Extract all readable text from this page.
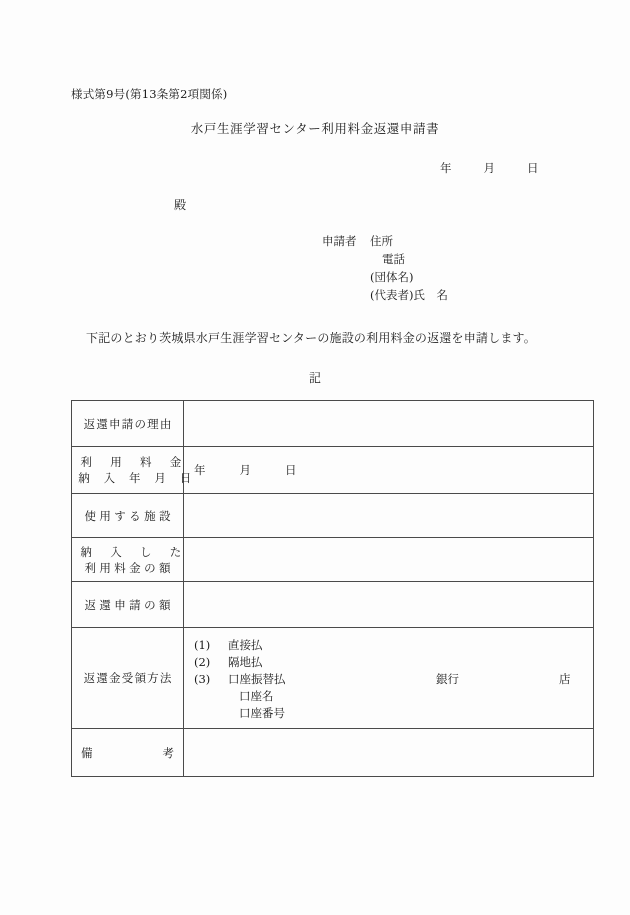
様式第9号(第13条第2項関係)
水戸生涯学習センター利用料金返還申請書
年	月	日
殿
申請者 住所
電話
(団体名)
(代表者)氏　名
下記のとおり茨城県水戸生涯学習センターの施設の利用料金の返還を申請します。
記
返還申請の理由	

利　用　料　金
納　入　年　月　日	年 月 日

使用する施設	

納　入　し　た
利用料金の額	

返還申請の額	

返還金受領方法

(1) 直接払
(2) 隔地払
(3) 口座振替払	銀行	店
口座名
口座番号

備 考	
